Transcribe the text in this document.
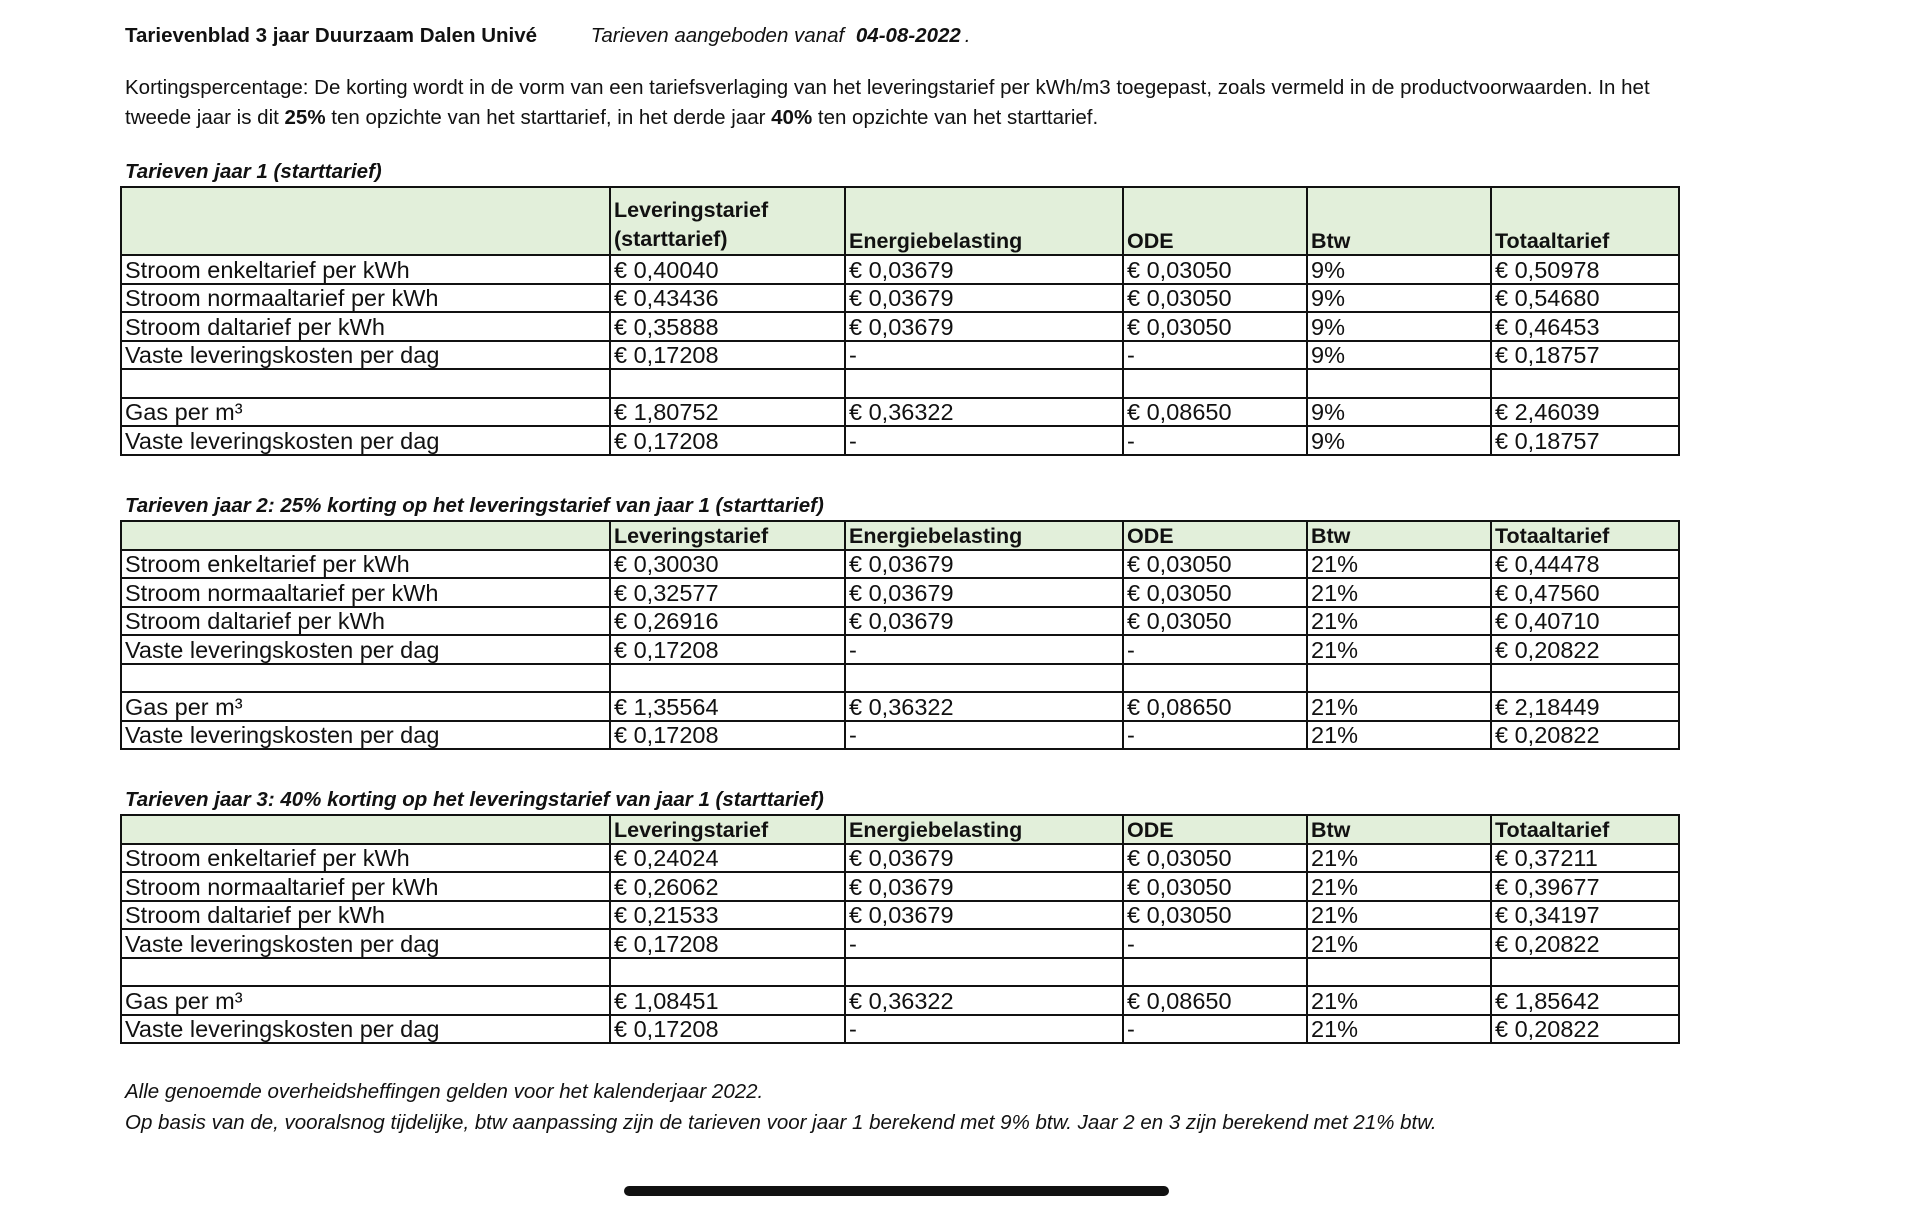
Tarievenblad 3 jaar Duurzaam Dalen Univé	Tarieven aangeboden vanaf 04-08-2022 .
Kortingspercentage: De korting wordt in de vorm van een tariefsverlaging van het leveringstarief per kWh/m3 toegepast, zoals vermeld in de productvoorwaarden. In het tweede jaar is dit 25% ten opzichte van het starttarief, in het derde jaar 40% ten opzichte van het starttarief.
Tarieven jaar 1 (starttarief)
	Leveringstarief (starttarief)	Energiebelasting	ODE	Btw	Totaaltarief
Stroom enkeltarief per kWh	€ 0,40040	€ 0,03679	€ 0,03050	9%	€ 0,50978
Stroom normaaltarief per kWh	€ 0,43436	€ 0,03679	€ 0,03050	9%	€ 0,54680
Stroom daltarief per kWh	€ 0,35888	€ 0,03679	€ 0,03050	9%	€ 0,46453
Vaste leveringskosten per dag	€ 0,17208	-	-	9%	€ 0,18757

Gas per m³	€ 1,80752	€ 0,36322	€ 0,08650	9%	€ 2,46039
Vaste leveringskosten per dag	€ 0,17208	-	-	9%	€ 0,18757
Tarieven jaar 2: 25% korting op het leveringstarief van jaar 1 (starttarief)
	Leveringstarief	Energiebelasting	ODE	Btw	Totaaltarief
Stroom enkeltarief per kWh	€ 0,30030	€ 0,03679	€ 0,03050	21%	€ 0,44478
Stroom normaaltarief per kWh	€ 0,32577	€ 0,03679	€ 0,03050	21%	€ 0,47560
Stroom daltarief per kWh	€ 0,26916	€ 0,03679	€ 0,03050	21%	€ 0,40710
Vaste leveringskosten per dag	€ 0,17208	-	-	21%	€ 0,20822

Gas per m³	€ 1,35564	€ 0,36322	€ 0,08650	21%	€ 2,18449
Vaste leveringskosten per dag	€ 0,17208	-	-	21%	€ 0,20822
Tarieven jaar 3: 40% korting op het leveringstarief van jaar 1 (starttarief)
	Leveringstarief	Energiebelasting	ODE	Btw	Totaaltarief
Stroom enkeltarief per kWh	€ 0,24024	€ 0,03679	€ 0,03050	21%	€ 0,37211
Stroom normaaltarief per kWh	€ 0,26062	€ 0,03679	€ 0,03050	21%	€ 0,39677
Stroom daltarief per kWh	€ 0,21533	€ 0,03679	€ 0,03050	21%	€ 0,34197
Vaste leveringskosten per dag	€ 0,17208	-	-	21%	€ 0,20822

Gas per m³	€ 1,08451	€ 0,36322	€ 0,08650	21%	€ 1,85642
Vaste leveringskosten per dag	€ 0,17208	-	-	21%	€ 0,20822
Alle genoemde overheidsheffingen gelden voor het kalenderjaar 2022.
Op basis van de, vooralsnog tijdelijke, btw aanpassing zijn de tarieven voor jaar 1 berekend met 9% btw. Jaar 2 en 3 zijn berekend met 21% btw.
